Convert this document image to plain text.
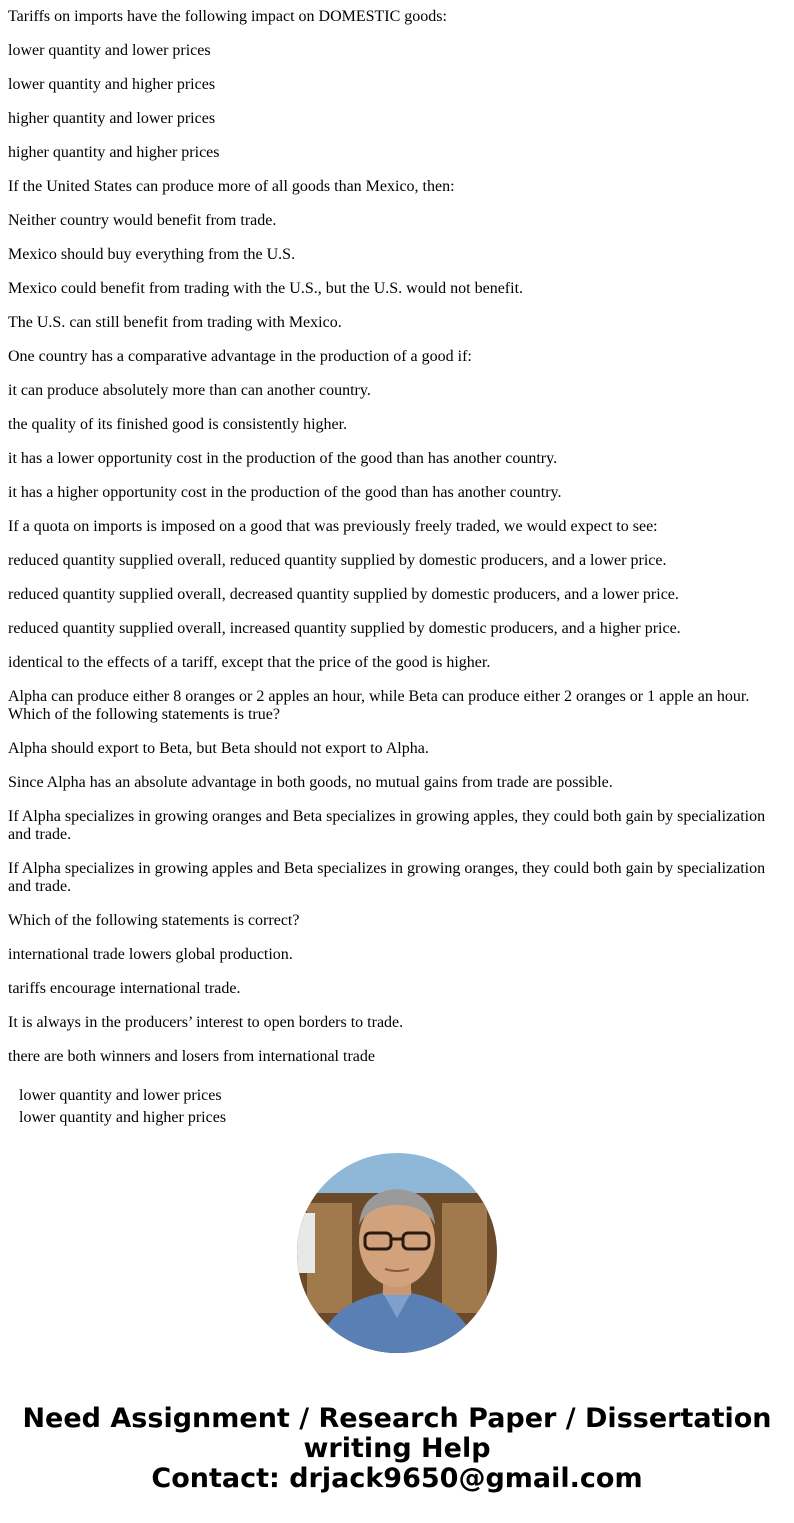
Tariffs on imports have the following impact on DOMESTIC goods:

lower quantity and lower prices

lower quantity and higher prices

higher quantity and lower prices

higher quantity and higher prices

If the United States can produce more of all goods than Mexico, then:

Neither country would benefit from trade.

Mexico should buy everything from the U.S.

Mexico could benefit from trading with the U.S., but the U.S. would not benefit.

The U.S. can still benefit from trading with Mexico.

One country has a comparative advantage in the production of a good if:

it can produce absolutely more than can another country.

the quality of its finished good is consistently higher.

it has a lower opportunity cost in the production of the good than has another country.

it has a higher opportunity cost in the production of the good than has another country.

If a quota on imports is imposed on a good that was previously freely traded, we would expect to see:

reduced quantity supplied overall, reduced quantity supplied by domestic producers, and a lower price.

reduced quantity supplied overall, decreased quantity supplied by domestic producers, and a lower price.

reduced quantity supplied overall, increased quantity supplied by domestic producers, and a higher price.

identical to the effects of a tariff, except that the price of the good is higher.

Alpha can produce either 8 oranges or 2 apples an hour, while Beta can produce either 2 oranges or 1 apple an hour. Which of the following statements is true?

Alpha should export to Beta, but Beta should not export to Alpha.

Since Alpha has an absolute advantage in both goods, no mutual gains from trade are possible.

If Alpha specializes in growing oranges and Beta specializes in growing apples, they could both gain by specialization and trade.

If Alpha specializes in growing apples and Beta specializes in growing oranges, they could both gain by specialization and trade.

Which of the following statements is correct?

international trade lowers global production.

tariffs encourage international trade.

It is always in the producers’ interest to open borders to trade.

there are both winners and losers from international trade

lower quantity and lower prices
lower quantity and higher prices
Need Assignment / Research Paper / Dissertation
writing Help
Contact: drjack9650@gmail.com
